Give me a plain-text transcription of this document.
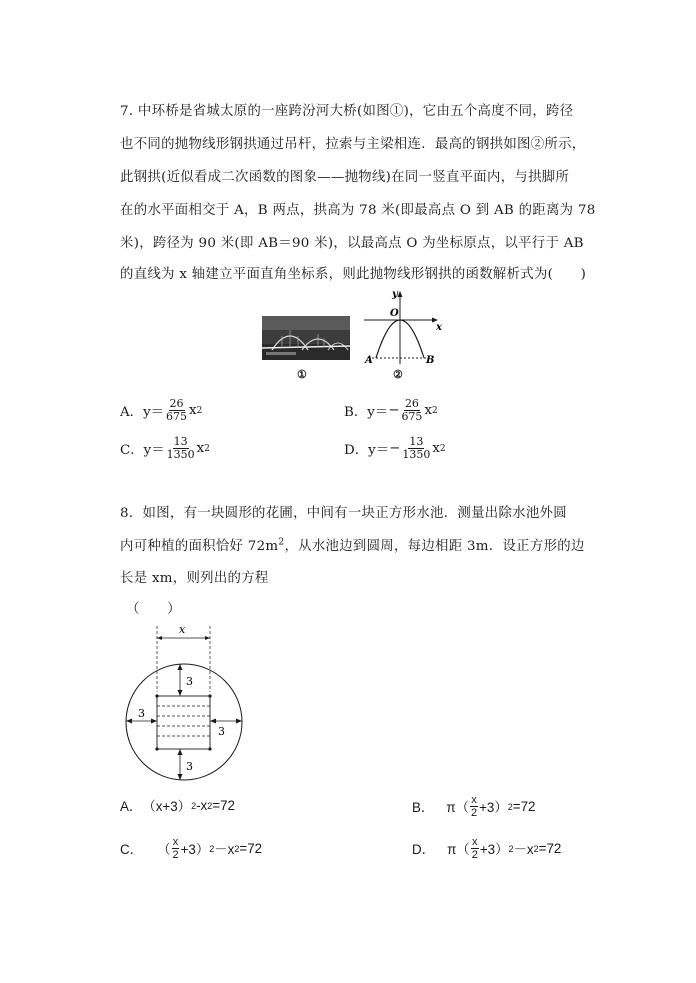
7. 中环桥是省城太原的一座跨汾河大桥(如图①)，它由五个高度不同，跨径
也不同的抛物线形钢拱通过吊杆，拉索与主梁相连．最高的钢拱如图②所示，
此钢拱(近似看成二次函数的图象——抛物线)在同一竖直平面内，与拱脚所
在的水平面相交于 A，B 两点，拱高为 78 米(即最高点 O 到 AB 的距离为 78
米)，跨径为 90 米(即 AB＝90 米)，以最高点 O 为坐标原点，以平行于 AB
的直线为 x 轴建立平面直角坐标系，则此抛物线形钢拱的函数解析式为(　　)
y
x
O
A	B
①	②
A． $y= \frac{26}{675}$ x 2	B． $y= - \frac{26}{675}$ x 2
C． $y= \frac{13}{1350}$ x 2	D． $y= - \frac{13}{1350}$ x 2
8．如图，有一块圆形的花圃，中间有一块正方形水池．测量出除水池外圆
内可种植的面积恰好 $72m^2$，从水池边到圆周，每边相距 3m．设正方形的边
长是 xm，则列出的方程
（　　）
x
3
3
3
3
A． （x+3） 2 -x 2 =72	B． $\pi( \frac{x}{2} +3)$ 2 =72
C． （ $\frac{x}{2} +3$） 2 －x 2 =72	D． $\pi( \frac{x}{2} +3)$ 2 －x 2 =72
